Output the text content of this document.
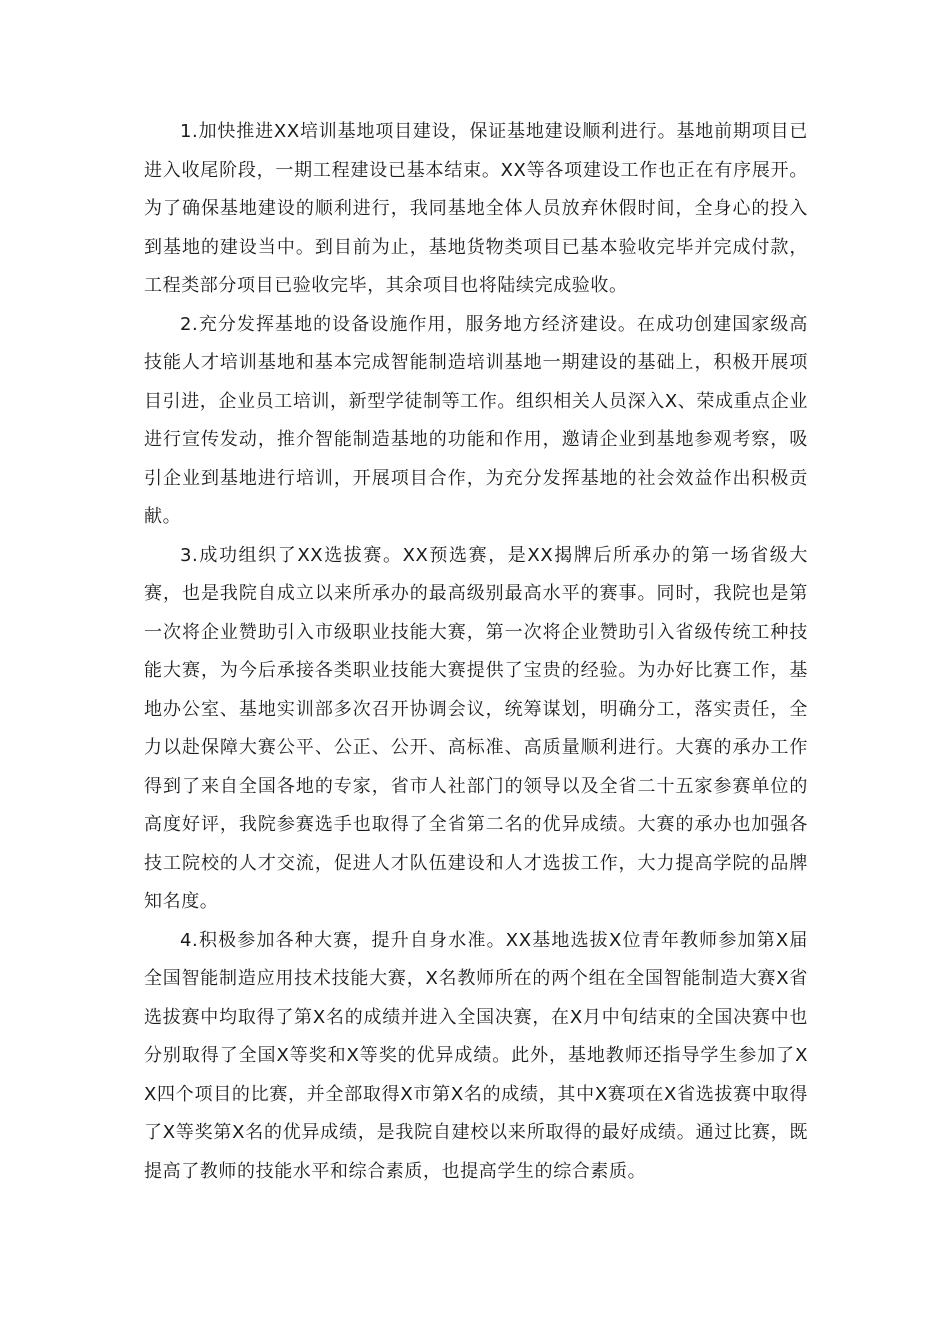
1.加快推进XX培训基地项目建设，保证基地建设顺利进行。基地前期项目已进入收尾阶段，一期工程建设已基本结束。XX等各项建设工作也正在有序展开。为了确保基地建设的顺利进行，我同基地全体人员放弃休假时间，全身心的投入到基地的建设当中。到目前为止，基地货物类项目已基本验收完毕并完成付款，工程类部分项目已验收完毕，其余项目也将陆续完成验收。

2.充分发挥基地的设备设施作用，服务地方经济建设。在成功创建国家级高技能人才培训基地和基本完成智能制造培训基地一期建设的基础上，积极开展项目引进，企业员工培训，新型学徒制等工作。组织相关人员深入X、荣成重点企业进行宣传发动，推介智能制造基地的功能和作用，邀请企业到基地参观考察，吸引企业到基地进行培训，开展项目合作，为充分发挥基地的社会效益作出积极贡献。

3.成功组织了XX选拔赛。XX预选赛，是XX揭牌后所承办的第一场省级大赛，也是我院自成立以来所承办的最高级别最高水平的赛事。同时，我院也是第一次将企业赞助引入市级职业技能大赛，第一次将企业赞助引入省级传统工种技能大赛，为今后承接各类职业技能大赛提供了宝贵的经验。为办好比赛工作，基地办公室、基地实训部多次召开协调会议，统筹谋划，明确分工，落实责任，全力以赴保障大赛公平、公正、公开、高标准、高质量顺利进行。大赛的承办工作得到了来自全国各地的专家，省市人社部门的领导以及全省二十五家参赛单位的高度好评，我院参赛选手也取得了全省第二名的优异成绩。大赛的承办也加强各技工院校的人才交流，促进人才队伍建设和人才选拔工作，大力提高学院的品牌知名度。

4.积极参加各种大赛，提升自身水准。XX基地选拔X位青年教师参加第X届全国智能制造应用技术技能大赛，X名教师所在的两个组在全国智能制造大赛X省选拔赛中均取得了第X名的成绩并进入全国决赛，在X月中旬结束的全国决赛中也分别取得了全国X等奖和X等奖的优异成绩。此外，基地教师还指导学生参加了XX四个项目的比赛，并全部取得X市第X名的成绩，其中X赛项在X省选拔赛中取得了X等奖第X名的优异成绩，是我院自建校以来所取得的最好成绩。通过比赛，既提高了教师的技能水平和综合素质，也提高学生的综合素质。
